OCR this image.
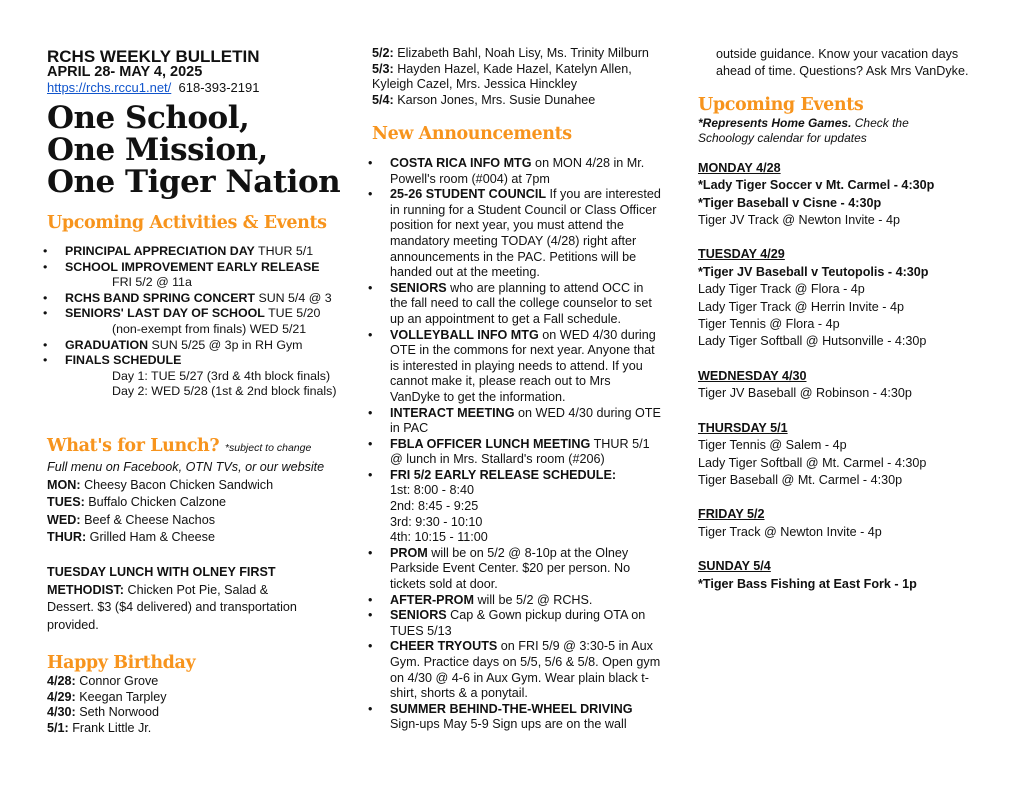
RCHS WEEKLY BULLETIN
APRIL 28- MAY 4, 2025
https://rchs.rccu1.net/ 618-393-2191
One School,
One Mission,
One Tiger Nation
Upcoming Activities & Events
• PRINCIPAL APPRECIATION DAY THUR 5/1
• SCHOOL IMPROVEMENT EARLY RELEASE
FRI 5/2 @ 11a
• RCHS BAND SPRING CONCERT SUN 5/4 @ 3
• SENIORS' LAST DAY OF SCHOOL TUE 5/20
(non-exempt from finals) WED 5/21
• GRADUATION SUN 5/25 @ 3p in RH Gym
• FINALS SCHEDULE
Day 1: TUE 5/27 (3rd & 4th block finals)
Day 2: WED 5/28 (1st & 2nd block finals)
What's for Lunch? *subject to change
Full menu on Facebook, OTN TVs, or our website
MON: Cheesy Bacon Chicken Sandwich
TUES: Buffalo Chicken Calzone
WED: Beef & Cheese Nachos
THUR: Grilled Ham & Cheese
TUESDAY LUNCH WITH OLNEY FIRST METHODIST: Chicken Pot Pie, Salad & Dessert. $3 ($4 delivered) and transportation provided.
Happy Birthday
4/28: Connor Grove
4/29: Keegan Tarpley
4/30: Seth Norwood
5/1: Frank Little Jr.
5/2: Elizabeth Bahl, Noah Lisy, Ms. Trinity Milburn
5/3: Hayden Hazel, Kade Hazel, Katelyn Allen, Kyleigh Cazel, Mrs. Jessica Hinckley
5/4: Karson Jones, Mrs. Susie Dunahee
New Announcements
• COSTA RICA INFO MTG on MON 4/28 in Mr. Powell's room (#004) at 7pm
• 25-26 STUDENT COUNCIL If you are interested in running for a Student Council or Class Officer position for next year, you must attend the mandatory meeting TODAY (4/28) right after announcements in the PAC. Petitions will be handed out at the meeting.
• SENIORS who are planning to attend OCC in the fall need to call the college counselor to set up an appointment to get a Fall schedule.
• VOLLEYBALL INFO MTG on WED 4/30 during OTE in the commons for next year. Anyone that is interested in playing needs to attend. If you cannot make it, please reach out to Mrs VanDyke to get the information.
• INTERACT MEETING on WED 4/30 during OTE in PAC
• FBLA OFFICER LUNCH MEETING THUR 5/1 @ lunch in Mrs. Stallard's room (#206)
• FRI 5/2 EARLY RELEASE SCHEDULE:
1st: 8:00 - 8:40
2nd: 8:45 - 9:25
3rd: 9:30 - 10:10
4th: 10:15 - 11:00
• PROM will be on 5/2 @ 8-10p at the Olney Parkside Event Center. $20 per person. No tickets sold at door.
• AFTER-PROM will be 5/2 @ RCHS.
• SENIORS Cap & Gown pickup during OTA on TUES 5/13
• CHEER TRYOUTS on FRI 5/9 @ 3:30-5 in Aux Gym. Practice days on 5/5, 5/6 & 5/8. Open gym on 4/30 @ 4-6 in Aux Gym. Wear plain black t-shirt, shorts & a ponytail.
• SUMMER BEHIND-THE-WHEEL DRIVING
Sign-ups May 5-9 Sign ups are on the wall
outside guidance. Know your vacation days
ahead of time. Questions? Ask Mrs VanDyke.
Upcoming Events
*Represents Home Games. Check the Schoology calendar for updates
MONDAY 4/28
*Lady Tiger Soccer v Mt. Carmel - 4:30p
*Tiger Baseball v Cisne - 4:30p
Tiger JV Track @ Newton Invite - 4p
TUESDAY 4/29
*Tiger JV Baseball v Teutopolis - 4:30p
Lady Tiger Track @ Flora - 4p
Lady Tiger Track @ Herrin Invite - 4p
Tiger Tennis @ Flora - 4p
Lady Tiger Softball @ Hutsonville - 4:30p
WEDNESDAY 4/30
Tiger JV Baseball @ Robinson - 4:30p
THURSDAY 5/1
Tiger Tennis @ Salem - 4p
Lady Tiger Softball @ Mt. Carmel - 4:30p
Tiger Baseball @ Mt. Carmel - 4:30p
FRIDAY 5/2
Tiger Track @ Newton Invite - 4p
SUNDAY 5/4
*Tiger Bass Fishing at East Fork - 1p
